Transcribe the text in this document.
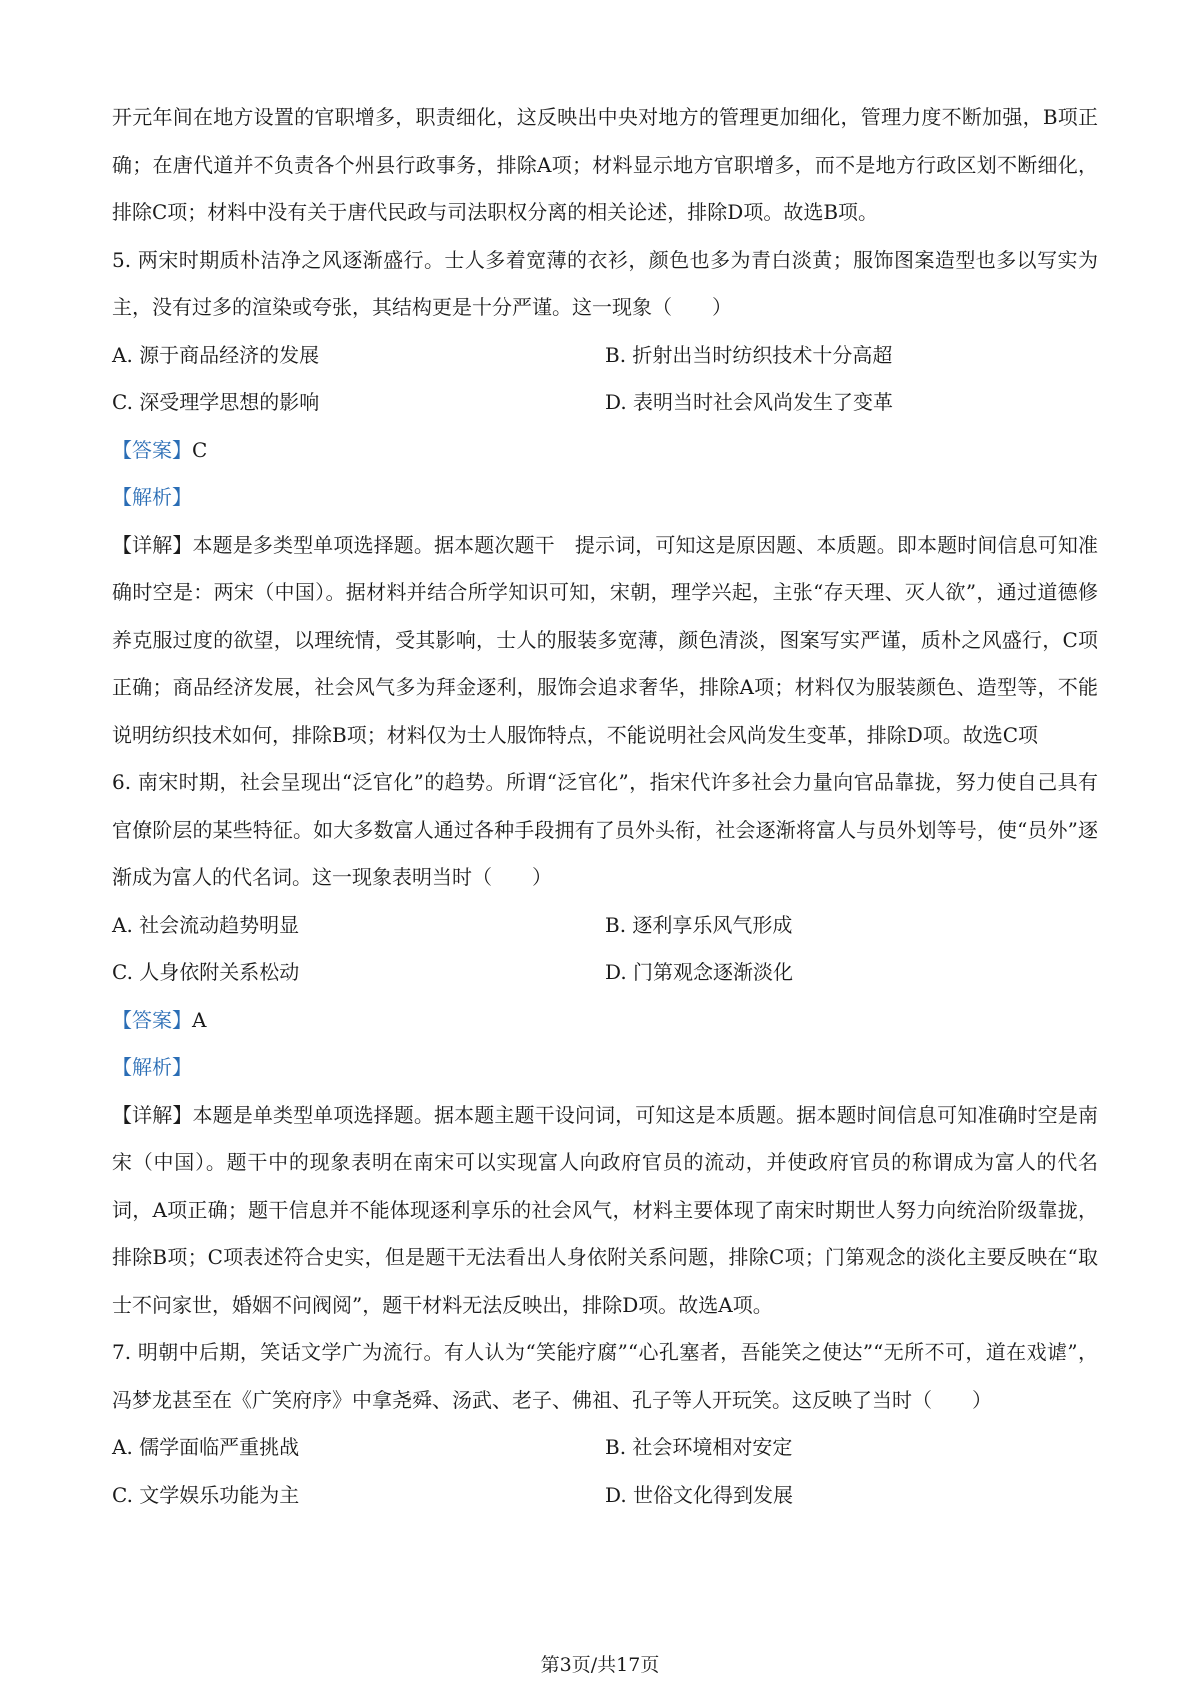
开元年间在地方设置的官职增多，职责细化，这反映出中央对地方的管理更加细化，管理力度不断加强，B项正确；在唐代道并不负责各个州县行政事务，排除A项；材料显示地方官职增多，而不是地方行政区划不断细化，排除C项；材料中没有关于唐代民政与司法职权分离的相关论述，排除D项。故选B项。

5. 两宋时期质朴洁净之风逐渐盛行。士人多着宽薄的衣衫，颜色也多为青白淡黄；服饰图案造型也多以写实为主，没有过多的渲染或夸张，其结构更是十分严谨。这一现象（　　）

A. 源于商品经济的发展	B. 折射出当时纺织技术十分高超
C. 深受理学思想的影响	D. 表明当时社会风尚发生了变革

【答案】C

【解析】

【详解】本题是多类型单项选择题。据本题次题干　提示词，可知这是原因题、本质题。即本题时间信息可知准确时空是：两宋（中国）。据材料并结合所学知识可知，宋朝，理学兴起，主张“存天理、灭人欲”，通过道德修养克服过度的欲望，以理统情，受其影响，士人的服装多宽薄，颜色清淡，图案写实严谨，质朴之风盛行，C项正确；商品经济发展，社会风气多为拜金逐利，服饰会追求奢华，排除A项；材料仅为服装颜色、造型等，不能说明纺织技术如何，排除B项；材料仅为士人服饰特点，不能说明社会风尚发生变革，排除D项。故选C项

6. 南宋时期，社会呈现出“泛官化”的趋势。所谓“泛官化”，指宋代许多社会力量向官品靠拢，努力使自己具有官僚阶层的某些特征。如大多数富人通过各种手段拥有了员外头衔，社会逐渐将富人与员外划等号，使“员外”逐渐成为富人的代名词。这一现象表明当时（　　）

A. 社会流动趋势明显	B. 逐利享乐风气形成
C. 人身依附关系松动	D. 门第观念逐渐淡化

【答案】A

【解析】

【详解】本题是单类型单项选择题。据本题主题干设问词，可知这是本质题。据本题时间信息可知准确时空是南宋（中国）。题干中的现象表明在南宋可以实现富人向政府官员的流动，并使政府官员的称谓成为富人的代名词，A项正确；题干信息并不能体现逐利享乐的社会风气，材料主要体现了南宋时期世人努力向统治阶级靠拢，排除B项；C项表述符合史实，但是题干无法看出人身依附关系问题，排除C项；门第观念的淡化主要反映在“取士不问家世，婚姻不问阀阅”，题干材料无法反映出，排除D项。故选A项。

7. 明朝中后期，笑话文学广为流行。有人认为“笑能疗腐”“心孔塞者，吾能笑之使达”“无所不可，道在戏谑”，冯梦龙甚至在《广笑府序》中拿尧舜、汤武、老子、佛祖、孔子等人开玩笑。这反映了当时（　　）

A. 儒学面临严重挑战	B. 社会环境相对安定
C. 文学娱乐功能为主	D. 世俗文化得到发展
第3页/共17页
